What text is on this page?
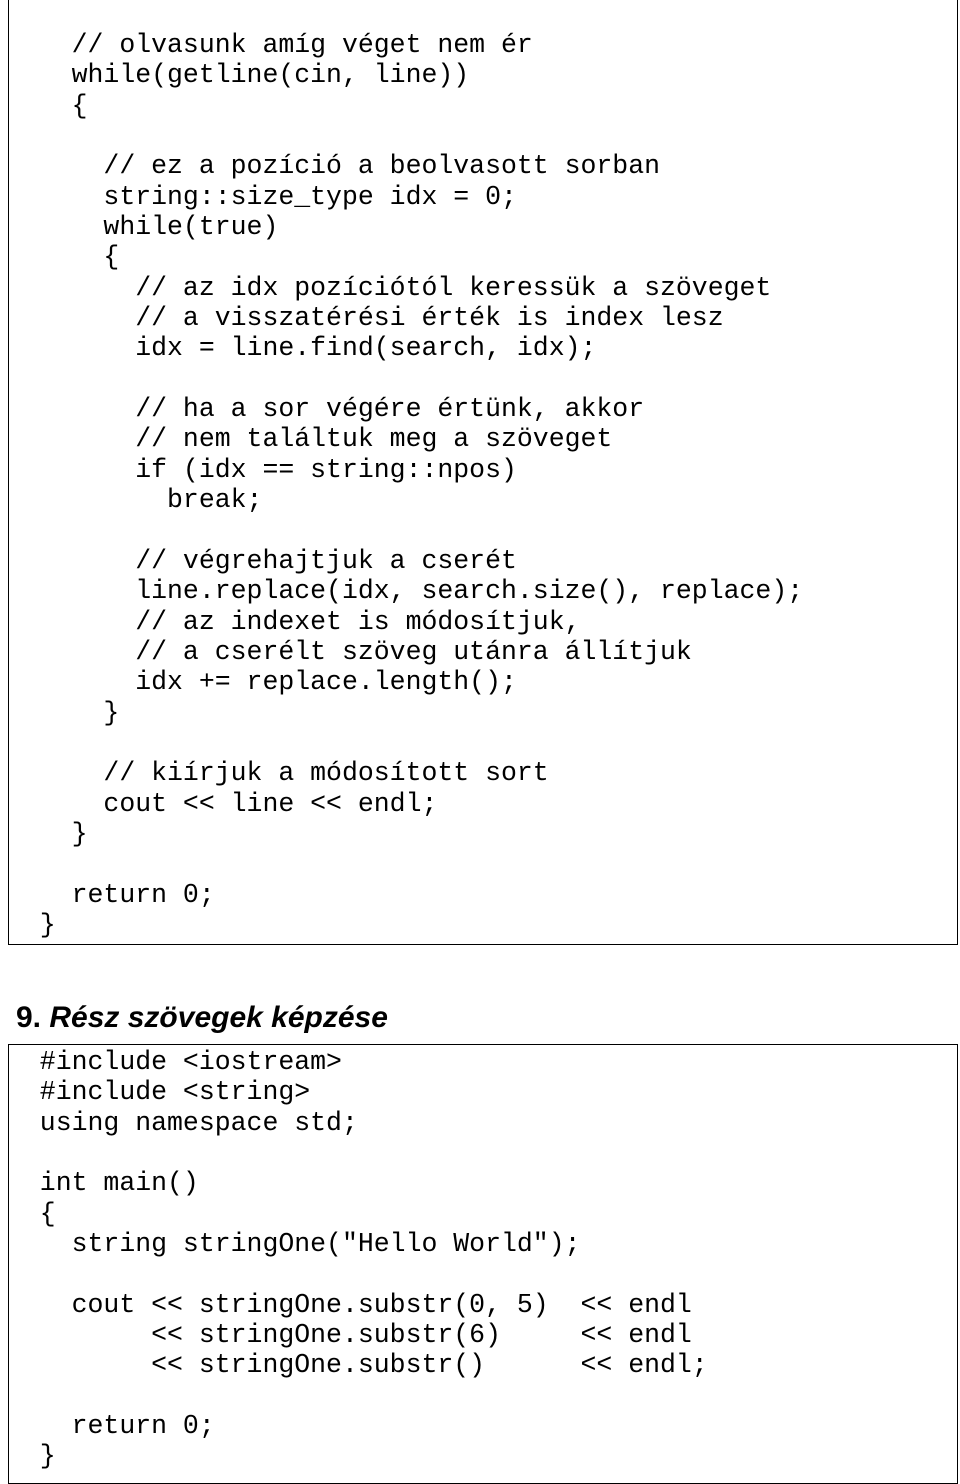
// olvasunk amíg véget nem ér
while(getline(cin, line))
{
// ez a pozíció a beolvasott sorban
string::size_type idx = 0;
while(true)
{
// az idx pozíciótól keressük a szöveget
// a visszatérési érték is index lesz
idx = line.find(search, idx);
// ha a sor végére értünk, akkor
// nem találtuk meg a szöveget
if (idx == string::npos)
break;
// végrehajtjuk a cserét
line.replace(idx, search.size(), replace);
// az indexet is módosítjuk,
// a cserélt szöveg utánra állítjuk
idx += replace.length();
}
// kiírjuk a módosított sort
cout << line << endl;
}
return 0;
}
9. Rész szövegek képzése
#include <iostream>
#include <string>
using namespace std;
int main()
{
string stringOne("Hello World");
cout << stringOne.substr(0, 5)  << endl
<< stringOne.substr(6)     << endl
<< stringOne.substr()      << endl;
return 0;
}
